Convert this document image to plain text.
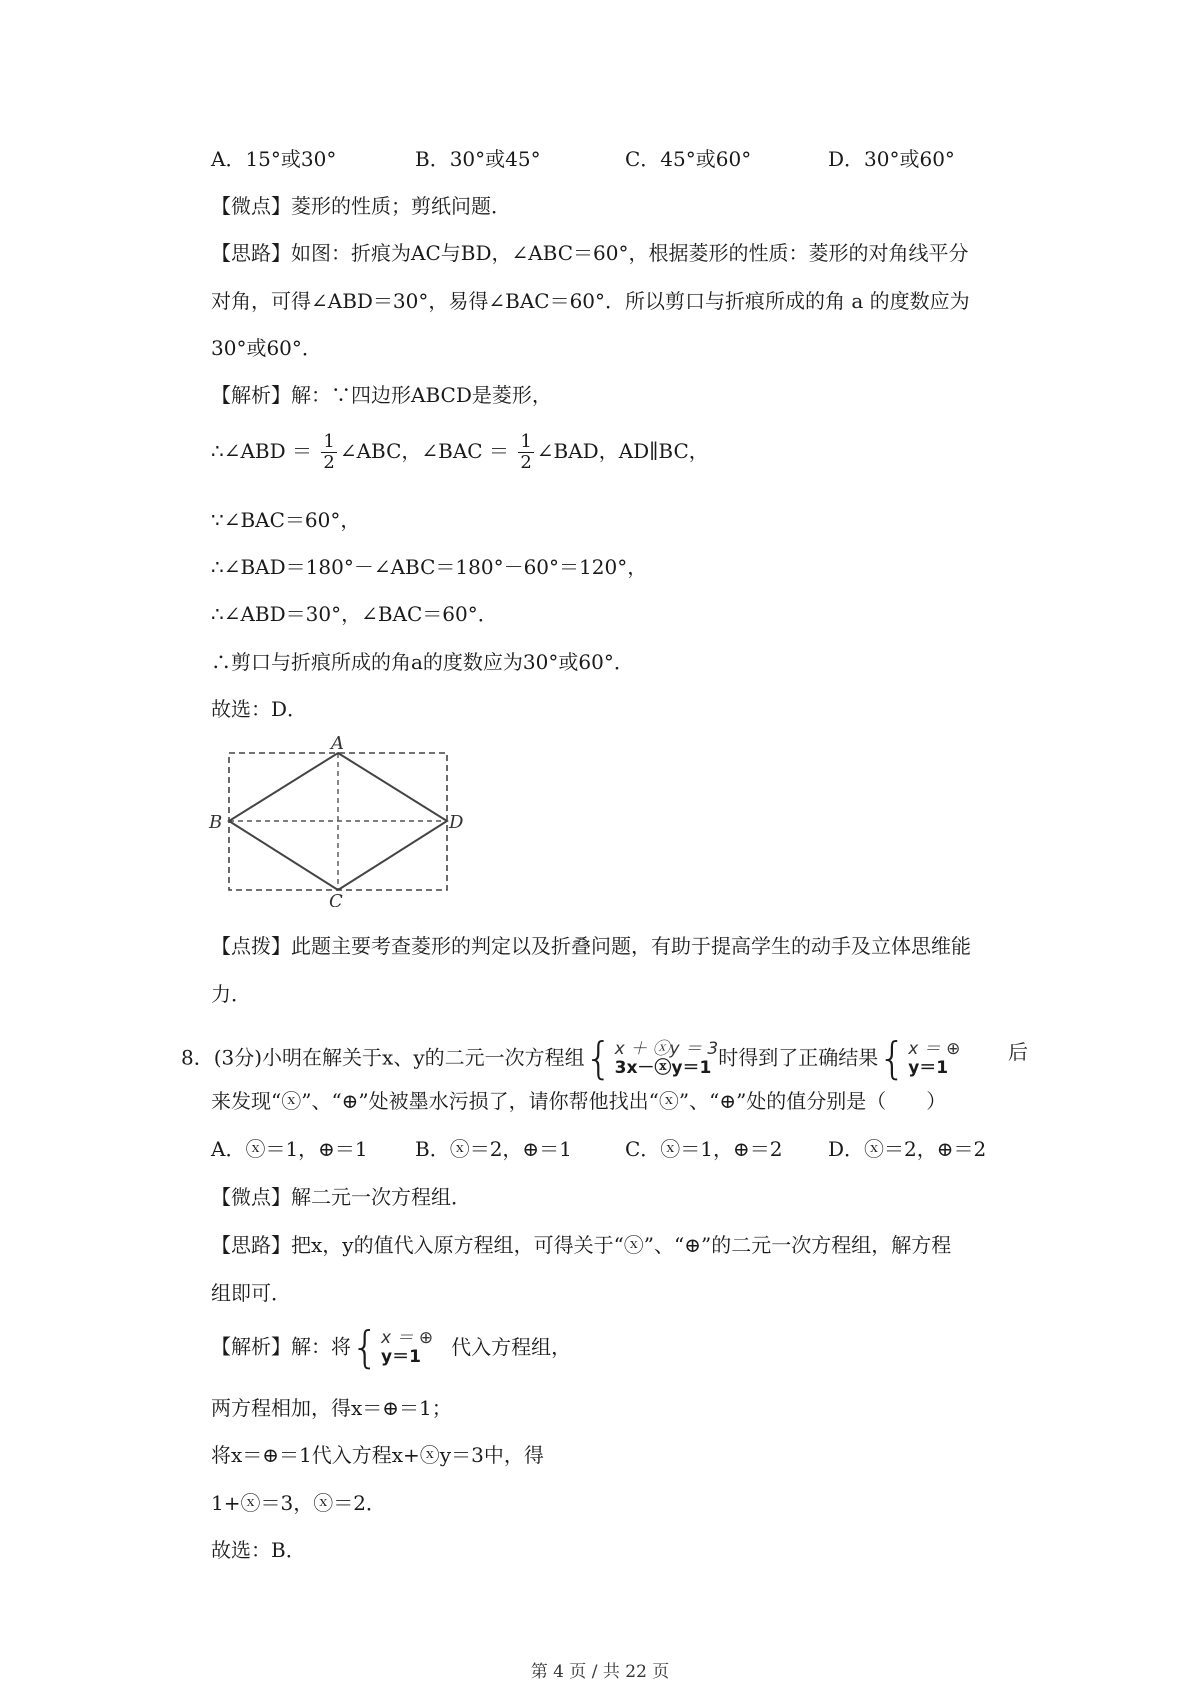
A．15°或30°	B．30°或45°	C．45°或60°	D．30°或60°
【微点】菱形的性质；剪纸问题．
【思路】如图：折痕为AC与BD，∠ABC＝60°，根据菱形的性质：菱形的对角线平分
对角，可得∠ABD＝30°，易得∠BAC＝60°．所以剪口与折痕所成的角 a 的度数应为
30°或60°．
【解析】解：∵四边形ABCD是菱形，
∴∠ABD ＝ $\frac{1}{2}$ ∠ABC，∠BAC ＝ $\frac{1}{2}$ ∠BAD，AD∥BC，
∵∠BAC＝60°，
∴∠BAD＝180°－∠ABC＝180°－60°＝120°，
∴∠ABD＝30°，∠BAC＝60°．
∴剪口与折痕所成的角a的度数应为30°或60°．
故选：D．
A
B
C
D
【点拨】此题主要考查菱形的判定以及折叠问题，有助于提高学生的动手及立体思维能
力．
8．(3分)小明在解关于x、y的二元一次方程组{ x ＋ ⓧy ＝ 3
3x－ⓧy＝1 时得到了正确结果{ x ＝ ⊕
y＝1
后
来发现“ⓧ”、“⊕”处被墨水污损了，请你帮他找出“ⓧ”、“⊕”处的值分别是（　　）
A．ⓧ＝1，⊕＝1 B．ⓧ＝2，⊕＝1	C．ⓧ＝1，⊕＝2 D．ⓧ＝2，⊕＝2
【微点】解二元一次方程组．
【思路】把x，y的值代入原方程组，可得关于“ⓧ”、“⊕”的二元一次方程组，解方程
组即可．
【解析】解：将{ x ＝ ⊕
y＝1	代入方程组，
两方程相加，得x＝⊕＝1；
将x＝⊕＝1代入方程x+ⓧy＝3中，得
1+ⓧ＝3，ⓧ＝2．
故选：B．
第 4 页 / 共 22 页
